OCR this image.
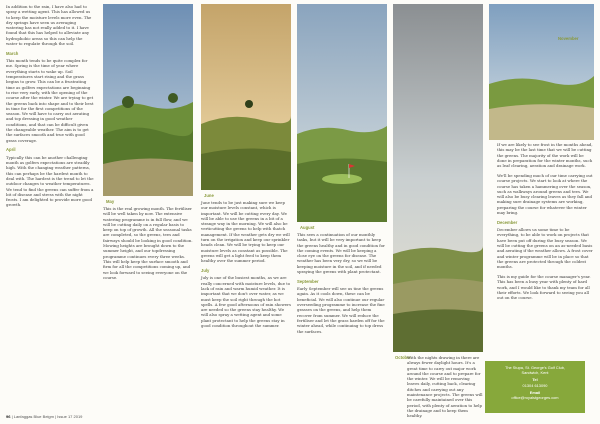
In addition to the rain, I have also had to spray a wetting agent. This has allowed us to keep the moisture levels more even. The dry springs have seen us averaging watering has not really added to it. I have found that this has helped to alleviate any hydrophobic areas so this can help the water to regulate through the soil.

March

This month tends to be quite complex for me. Spring is the time of year where everything starts to wake up. Soil temperatures start rising and the grass begins to grow. This can be a frustrating time as golfers expectations are beginning to rise very early, with the opening of the course after the winter. We are trying to get the greens back into shape and to their best in time for the first competitions of the season. We will have to carry out aerating and top dressing in good weather conditions, and that can be difficult given the changeable weather. The aim is to get the surfaces smooth and true with good grass coverage.

April

Typically this can be another challenging month as golfers expectations are steadily high. With the changing weather patterns, this can perhaps be the hardest month to deal with. The hardest is the trend to let the outdoor changes to weather temperatures. We tend to find the greens can suffer from a bit of disease and stress with the night frosts. I am delighted to provide more good growth.

May

This is the real growing month. The fertiliser will be well taken by now. The extensive watering programme is in full flow, and we will be cutting daily on a regular basis to keep on top of growth. All the seasonal tasks are completed, so the greens, tees and fairways should be looking in good condition. Mowing heights are brought down to the summer height, and our topdressing programme continues every three weeks. This will help keep the surface smooth and firm for all the competitions coming up, and we look forward to seeing everyone on the course.

June

June tends to be just making sure we keep our moisture levels constant, which is important. We will be cutting every day. We will be able to use the greens in a bit of a strange way in the morning. We will also be verticutting the greens to help with thatch management. If the weather gets dry we will turn on the irrigation and keep our sprinkler heads clean. We will be trying to keep our moisture levels as constant as possible. The greens will get a light feed to keep them healthy over the summer period.

July

July is one of the busiest months, as we are really concerned with moisture levels, due to lack of rain and warm humid weather. It is important that we don't over water, as we must keep the soil right through the hot spells. A few good afternoons of rain showers are needed so the greens stay healthy. We will also spray a wetting agent and some plant protectant to help the greens stay in good condition throughout the summer.

August

This sees a continuation of our monthly tasks, but it will be very important to keep the greens healthy and in good condition for the coming events. We will be keeping a close eye on the greens for disease. The weather has been very dry, so we will be keeping moisture in the soil, and if needed spraying the greens with plant protectant.

September

Early September will see us tine the greens again. As it cools down, these can be beneficial. We will also continue our regular overseeding programme to increase the fine grasses on the greens, and help them recover from summer. We will reduce the fertiliser and let the grass harden off for the winter ahead, while continuing to top dress the surfaces.

October

With the nights drawing in there are always fewer daylight hours. It's a great time to carry out major work around the course and to prepare for the winter. We will be removing leaves daily, cutting back, clearing ditches and carrying out any maintenance projects. The greens will be carefully maintained over this period, with plenty of aeration to help the drainage and to keep them healthy.

November

If we are likely to see frost in the months ahead, this may be the last time that we will be cutting the greens. The majority of the work will be done in preparation for the winter months, such as leaf clearing, aeration and drainage work.

We'll be spending much of our time carrying out course projects. We start to look at where the course has taken a hammering over the season, such as walkways around greens and tees. We will also be busy clearing leaves as they fall and making sure drainage systems are working, preparing the course for whatever the winter may bring.

December

December allows us some time to be everything, to be able to work on projects that have been put off during the busy season. We will be cutting the greens on an as-needed basis and aerating if the weather allows. A frost cover and winter programme will be in place so that the greens are protected through the coldest months.

This is my guide for the course manager's year. This has been a busy year with plenty of hard work, and I would like to thank my team for all their efforts. We look forward to seeing you all out on the course.

The Stupa, St. George's Golf Club,
Sandwich, Kent
Tel
01304 613090
Email
office@royalstgeorges.com
96 | Lanfaggas Blue Beigm | Issue 17 2019
